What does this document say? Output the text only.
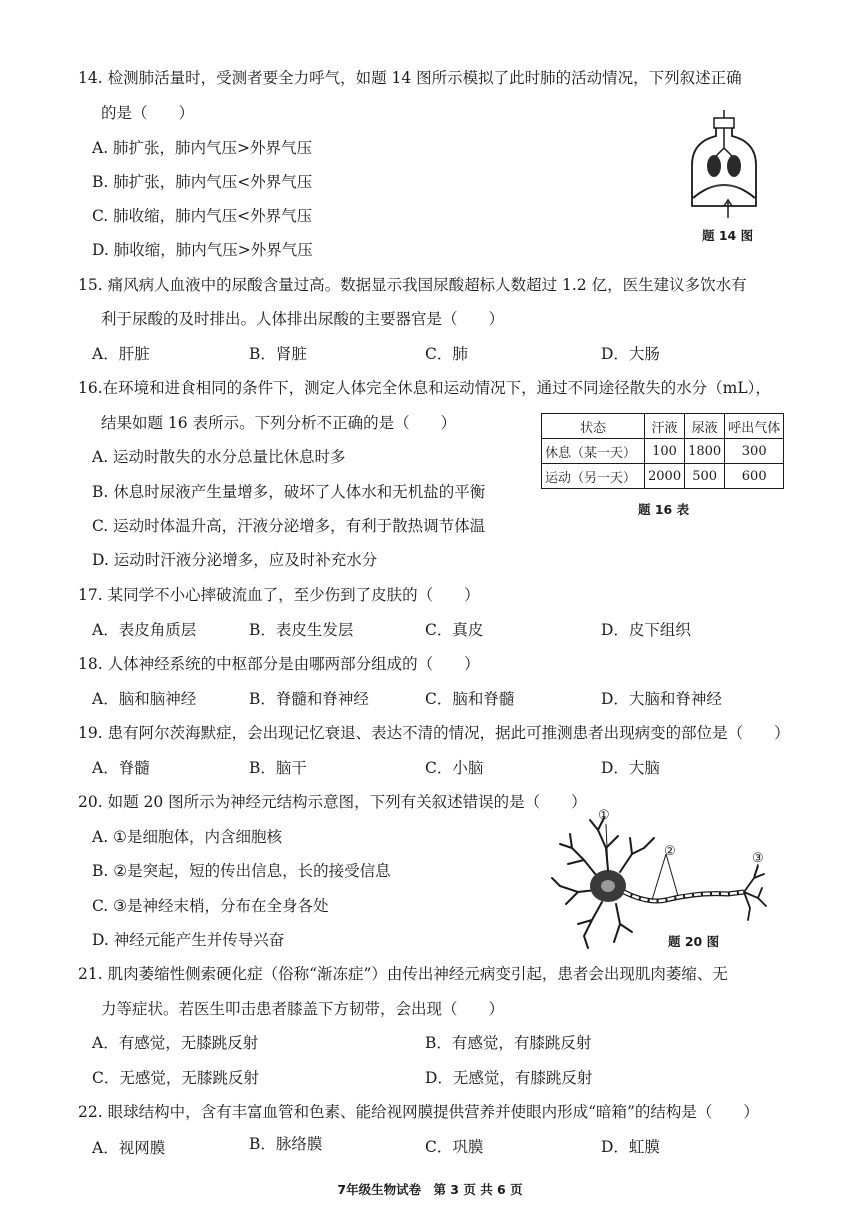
14. 检测肺活量时，受测者要全力呼气，如题 14 图所示模拟了此时肺的活动情况，下列叙述正确
的是（　　）
A. 肺扩张，肺内气压>外界气压
B. 肺扩张，肺内气压<外界气压
C. 肺收缩，肺内气压<外界气压
D. 肺收缩，肺内气压>外界气压
题 14 图
15. 痛风病人血液中的尿酸含量过高。数据显示我国尿酸超标人数超过 1.2 亿，医生建议多饮水有
利于尿酸的及时排出。人体排出尿酸的主要器官是（　　）
A．肝脏	B．肾脏	C．肺	D．大肠
16.在环境和进食相同的条件下，测定人体完全休息和运动情况下，通过不同途径散失的水分（mL），
结果如题 16 表所示。下列分析不正确的是（　　）
A. 运动时散失的水分总量比休息时多
B. 休息时尿液产生量增多，破坏了人体水和无机盐的平衡
C. 运动时体温升高，汗液分泌增多，有利于散热调节体温
D. 运动时汗液分泌增多，应及时补充水分
状态	汗液	尿液	呼出气体
休息（某一天）	100	1800	300
运动（另一天）	2000	500	600
题 16 表
17. 某同学不小心摔破流血了，至少伤到了皮肤的（　　）
A．表皮角质层	B．表皮生发层	C．真皮	D．皮下组织
18. 人体神经系统的中枢部分是由哪两部分组成的（　　）
A．脑和脑神经	B．脊髓和脊神经	C．脑和脊髓	D．大脑和脊神经
19. 患有阿尔茨海默症，会出现记忆衰退、表达不清的情况，据此可推测患者出现病变的部位是（　　）
A．脊髓	B．脑干	C．小脑	D．大脑
20. 如题 20 图所示为神经元结构示意图，下列有关叙述错误的是（　　）
A. ①是细胞体，内含细胞核
B. ②是突起，短的传出信息，长的接受信息
C. ③是神经末梢，分布在全身各处
D. 神经元能产生并传导兴奋
①
②	③
题 20 图
21. 肌肉萎缩性侧索硬化症（俗称“渐冻症”）由传出神经元病变引起，患者会出现肌肉萎缩、无
力等症状。若医生叩击患者膝盖下方韧带，会出现（　　）
A．有感觉，无膝跳反射	B．有感觉，有膝跳反射
C．无感觉，无膝跳反射	D．无感觉，有膝跳反射
22. 眼球结构中，含有丰富血管和色素、能给视网膜提供营养并使眼内形成“暗箱”的结构是（　　）
A．视网膜	B．脉络膜	C．巩膜	D．虹膜
7年级生物试卷 第 3 页 共 6 页
